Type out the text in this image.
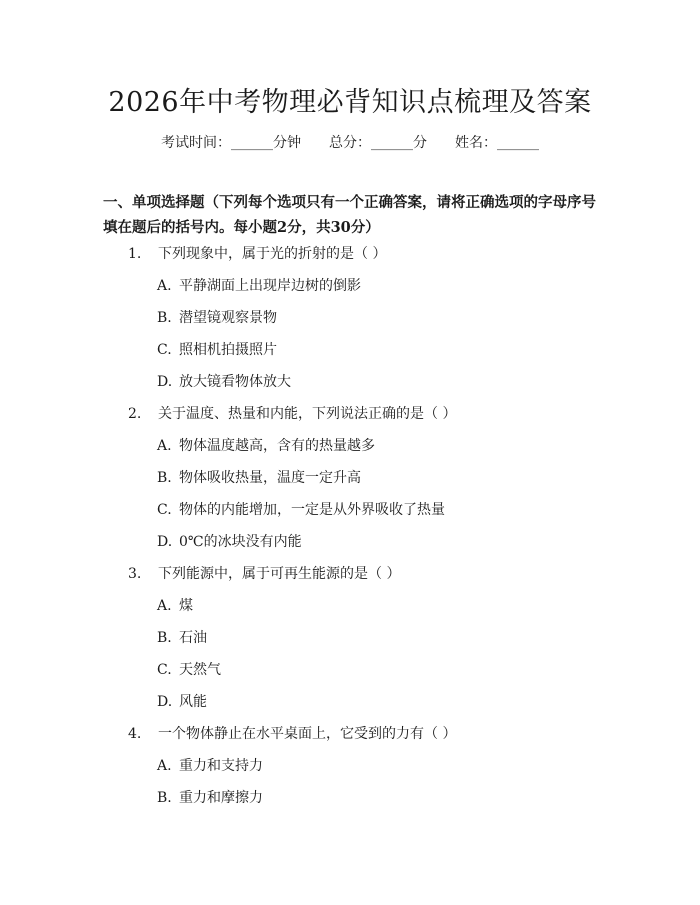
2026年中考物理必背知识点梳理及答案
考试时间：______分钟 总分：______分 姓名：______
一、单项选择题（下列每个选项只有一个正确答案，请将正确选项的字母序号填在题后的括号内。每小题2分，共30分）
1. 下列现象中，属于光的折射的是（ ）
A. 平静湖面上出现岸边树的倒影
B. 潜望镜观察景物
C. 照相机拍摄照片
D. 放大镜看物体放大
2. 关于温度、热量和内能，下列说法正确的是（ ）
A. 物体温度越高，含有的热量越多
B. 物体吸收热量，温度一定升高
C. 物体的内能增加，一定是从外界吸收了热量
D. 0℃的冰块没有内能
3. 下列能源中，属于可再生能源的是（ ）
A. 煤
B. 石油
C. 天然气
D. 风能
4. 一个物体静止在水平桌面上，它受到的力有（ ）
A. 重力和支持力
B. 重力和摩擦力
